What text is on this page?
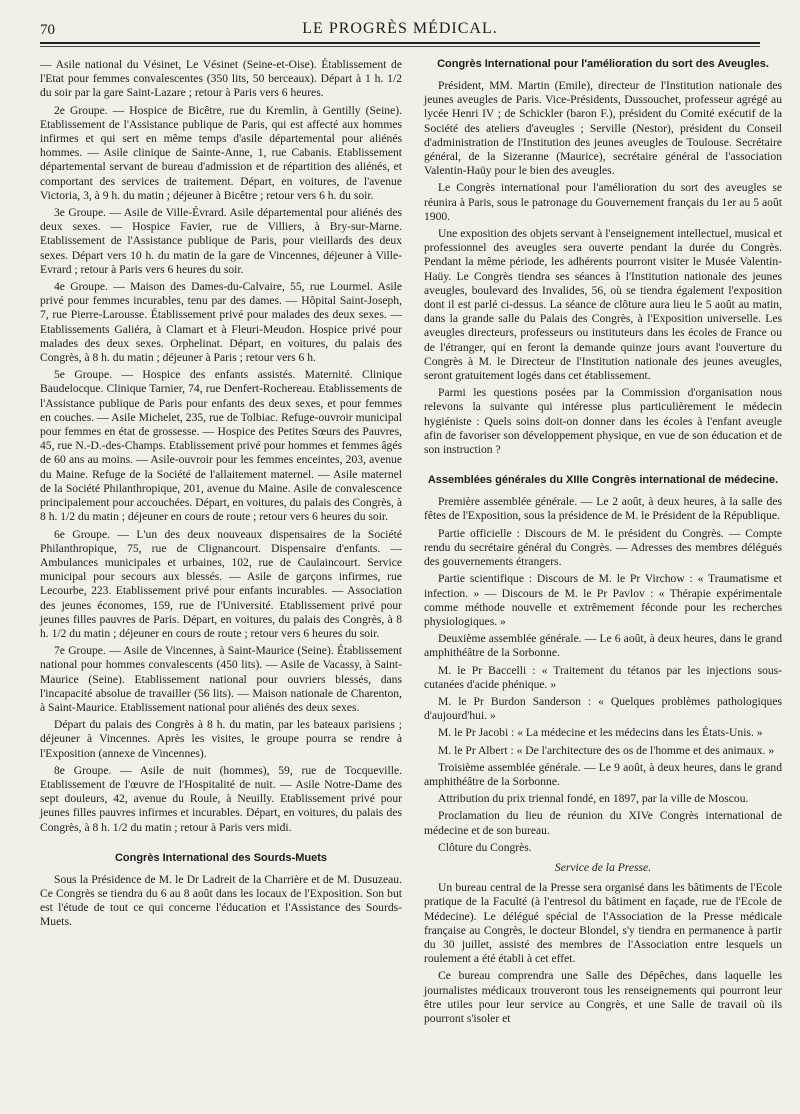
70	LE PROGRÈS MÉDICAL.

— Asile national du Vésinet, Le Vésinet (Seine-et-Oise). Établissement de l'Etat pour femmes convalescentes (350 lits, 50 berceaux). Départ à 1 h. 1/2 du soir par la gare Saint-Lazare ; retour à Paris vers 6 heures.

2e Groupe. — Hospice de Bicêtre, rue du Kremlin, à Gentilly (Seine). Etablissement de l'Assistance publique de Paris, qui est affecté aux hommes infirmes et qui sert en même temps d'asile départemental pour aliénés hommes. — Asile clinique de Sainte-Anne, 1, rue Cabanis. Etablissement départemental servant de bureau d'admission et de répartition des aliénés, et comportant des services de traitement. Départ, en voitures, de l'avenue Victoria, 3, à 9 h. du matin ; déjeuner à Bicêtre ; retour vers 6 h. du soir.

3e Groupe. — Asile de Ville-Évrard. Asile départemental pour aliénés des deux sexes. — Hospice Favier, rue de Villiers, à Bry-sur-Marne. Etablissement de l'Assistance publique de Paris, pour vieillards des deux sexes. Départ vers 10 h. du matin de la gare de Vincennes, déjeuner à Ville-Evrard ; retour à Paris vers 6 heures du soir.

4e Groupe. — Maison des Dames-du-Calvaire, 55, rue Lourmel. Asile privé pour femmes incurables, tenu par des dames. — Hôpital Saint-Joseph, 7, rue Pierre-Larousse. Établissement privé pour malades des deux sexes. — Etablissements Galiéra, à Clamart et à Fleuri-Meudon. Hospice privé pour malades des deux sexes. Orphelinat. Départ, en voitures, du palais des Congrès, à 8 h. du matin ; déjeuner à Paris ; retour vers 6 h.

5e Groupe. — Hospice des enfants assistés. Maternité. Clinique Baudelocque. Clinique Tarnier, 74, rue Denfert-Rochereau. Etablissements de l'Assistance publique de Paris pour enfants des deux sexes, et pour femmes en couches. — Asile Michelet, 235, rue de Tolbiac. Refuge-ouvroir municipal pour femmes en état de grossesse. — Hospice des Petites Sœurs des Pauvres, 45, rue N.-D.-des-Champs. Etablissement privé pour hommes et femmes âgés de 60 ans au moins. — Asile-ouvroir pour les femmes enceintes, 203, avenue du Maine. Refuge de la Société de l'allaitement maternel. — Asile maternel de la Société Philanthropique, 201, avenue du Maine. Asile de convalescence principalement pour accouchées. Départ, en voitures, du palais des Congrès, à 8 h. 1/2 du matin ; déjeuner en cours de route ; retour vers 6 heures du soir.

6e Groupe. — L'un des deux nouveaux dispensaires de la Société Philanthropique, 75, rue de Clignancourt. Dispensaire d'enfants. — Ambulances municipales et urbaines, 102, rue de Caulaincourt. Service municipal pour secours aux blessés. — Asile de garçons infirmes, rue Lecourbe, 223. Etablissement privé pour enfants incurables. — Association des jeunes économes, 159, rue de l'Université. Etablissement privé pour jeunes filles pauvres de Paris. Départ, en voitures, du palais des Congrès, à 8 h. 1/2 du matin ; déjeuner en cours de route ; retour vers 6 heures du soir.

7e Groupe. — Asile de Vincennes, à Saint-Maurice (Seine). Établissement national pour hommes convalescents (450 lits). — Asile de Vacassy, à Saint-Maurice (Seine). Etablissement national pour ouvriers blessés, dans l'incapacité absolue de travailler (56 lits). — Maison nationale de Charenton, à Saint-Maurice. Etablissement national pour aliénés des deux sexes.

Départ du palais des Congrès à 8 h. du matin, par les bateaux parisiens ; déjeuner à Vincennes. Après les visites, le groupe pourra se rendre à l'Exposition (annexe de Vincennes).

8e Groupe. — Asile de nuit (hommes), 59, rue de Tocqueville. Etablissement de l'œuvre de l'Hospitalité de nuit. — Asile Notre-Dame des sept douleurs, 42, avenue du Roule, à Neuilly. Etablissement privé pour jeunes filles pauvres infirmes et incurables. Départ, en voitures, du palais des Congrès, à 8 h. 1/2 du matin ; retour à Paris vers midi.

Congrès International des Sourds-Muets

Sous la Présidence de M. le Dr Ladreit de la Charrière et de M. Dusuzeau. Ce Congrès se tiendra du 6 au 8 août dans les locaux de l'Exposition. Son but est l'étude de tout ce qui concerne l'éducation et l'Assistance des Sourds-Muets.

Congrès International pour l'amélioration du sort des Aveugles.

Président, MM. Martin (Emile), directeur de l'Institution nationale des jeunes aveugles de Paris. Vice-Présidents, Dussouchet, professeur agrégé au lycée Henri IV ; de Schickler (baron F.), président du Comité exécutif de la Société des ateliers d'aveugles ; Serville (Nestor), président du Conseil d'administration de l'Institution des jeunes aveugles de Toulouse. Secrétaire général, de la Sizeranne (Maurice), secrétaire général de l'association Valentin-Haüy pour le bien des aveugles.

Le Congrès international pour l'amélioration du sort des aveugles se réunira à Paris, sous le patronage du Gouvernement français du 1er au 5 août 1900.

Une exposition des objets servant à l'enseignement intellectuel, musical et professionnel des aveugles sera ouverte pendant la durée du Congrès. Pendant la même période, les adhérents pourront visiter le Musée Valentin-Haüy. Le Congrès tiendra ses séances à l'Institution nationale des jeunes aveugles, boulevard des Invalides, 56, où se tiendra également l'exposition dont il est parlé ci-dessus. La séance de clôture aura lieu le 5 août au matin, dans la grande salle du Palais des Congrès, à l'Exposition universelle. Les aveugles directeurs, professeurs ou instituteurs dans les écoles de France ou de l'étranger, qui en feront la demande quinze jours avant l'ouverture du Congrès à M. le Directeur de l'Institution nationale des jeunes aveugles, seront gratuitement logés dans cet établissement.

Parmi les questions posées par la Commission d'organisation nous relevons la suivante qui intéresse plus particulièrement le médecin hygiéniste : Quels soins doit-on donner dans les écoles à l'enfant aveugle afin de favoriser son développement physique, en vue de son éducation et de son instruction ?

Assemblées générales du XIIIe Congrès international de médecine.

Première assemblée générale. — Le 2 août, à deux heures, à la salle des fêtes de l'Exposition, sous la présidence de M. le Président de la République.

Partie officielle : Discours de M. le président du Congrès. — Compte rendu du secrétaire général du Congrès. — Adresses des membres délégués des gouvernements étrangers.

Partie scientifique : Discours de M. le Pr Virchow : « Traumatisme et infection. » — Discours de M. le Pr Pavlov : « Thérapie expérimentale comme méthode nouvelle et extrêmement féconde pour les recherches physiologiques. »

Deuxième assemblée générale. — Le 6 août, à deux heures, dans le grand amphithéâtre de la Sorbonne.

M. le Pr Baccelli : « Traitement du tétanos par les injections sous-cutanées d'acide phénique. »

M. le Pr Burdon Sanderson : « Quelques problèmes pathologiques d'aujourd'hui. »

M. le Pr Jacobi : « La médecine et les médecins dans les États-Unis. »

M. le Pr Albert : « De l'architecture des os de l'homme et des animaux. »

Troisième assemblée générale. — Le 9 août, à deux heures, dans le grand amphithéâtre de la Sorbonne.

Attribution du prix triennal fondé, en 1897, par la ville de Moscou.

Proclamation du lieu de réunion du XIVe Congrès international de médecine et de son bureau.

Clôture du Congrès.

Service de la Presse.

Un bureau central de la Presse sera organisé dans les bâtiments de l'Ecole pratique de la Faculté (à l'entresol du bâtiment en façade, rue de l'Ecole de Médecine). Le délégué spécial de l'Association de la Presse médicale française au Congrès, le docteur Blondel, s'y tiendra en permanence à partir du 30 juillet, assisté des membres de l'Association entre lesquels un roulement a été établi à cet effet.

Ce bureau comprendra une Salle des Dépêches, dans laquelle les journalistes médicaux trouveront tous les renseignements qui pourront leur être utiles pour leur service au Congrès, et une Salle de travail où ils pourront s'isoler et
